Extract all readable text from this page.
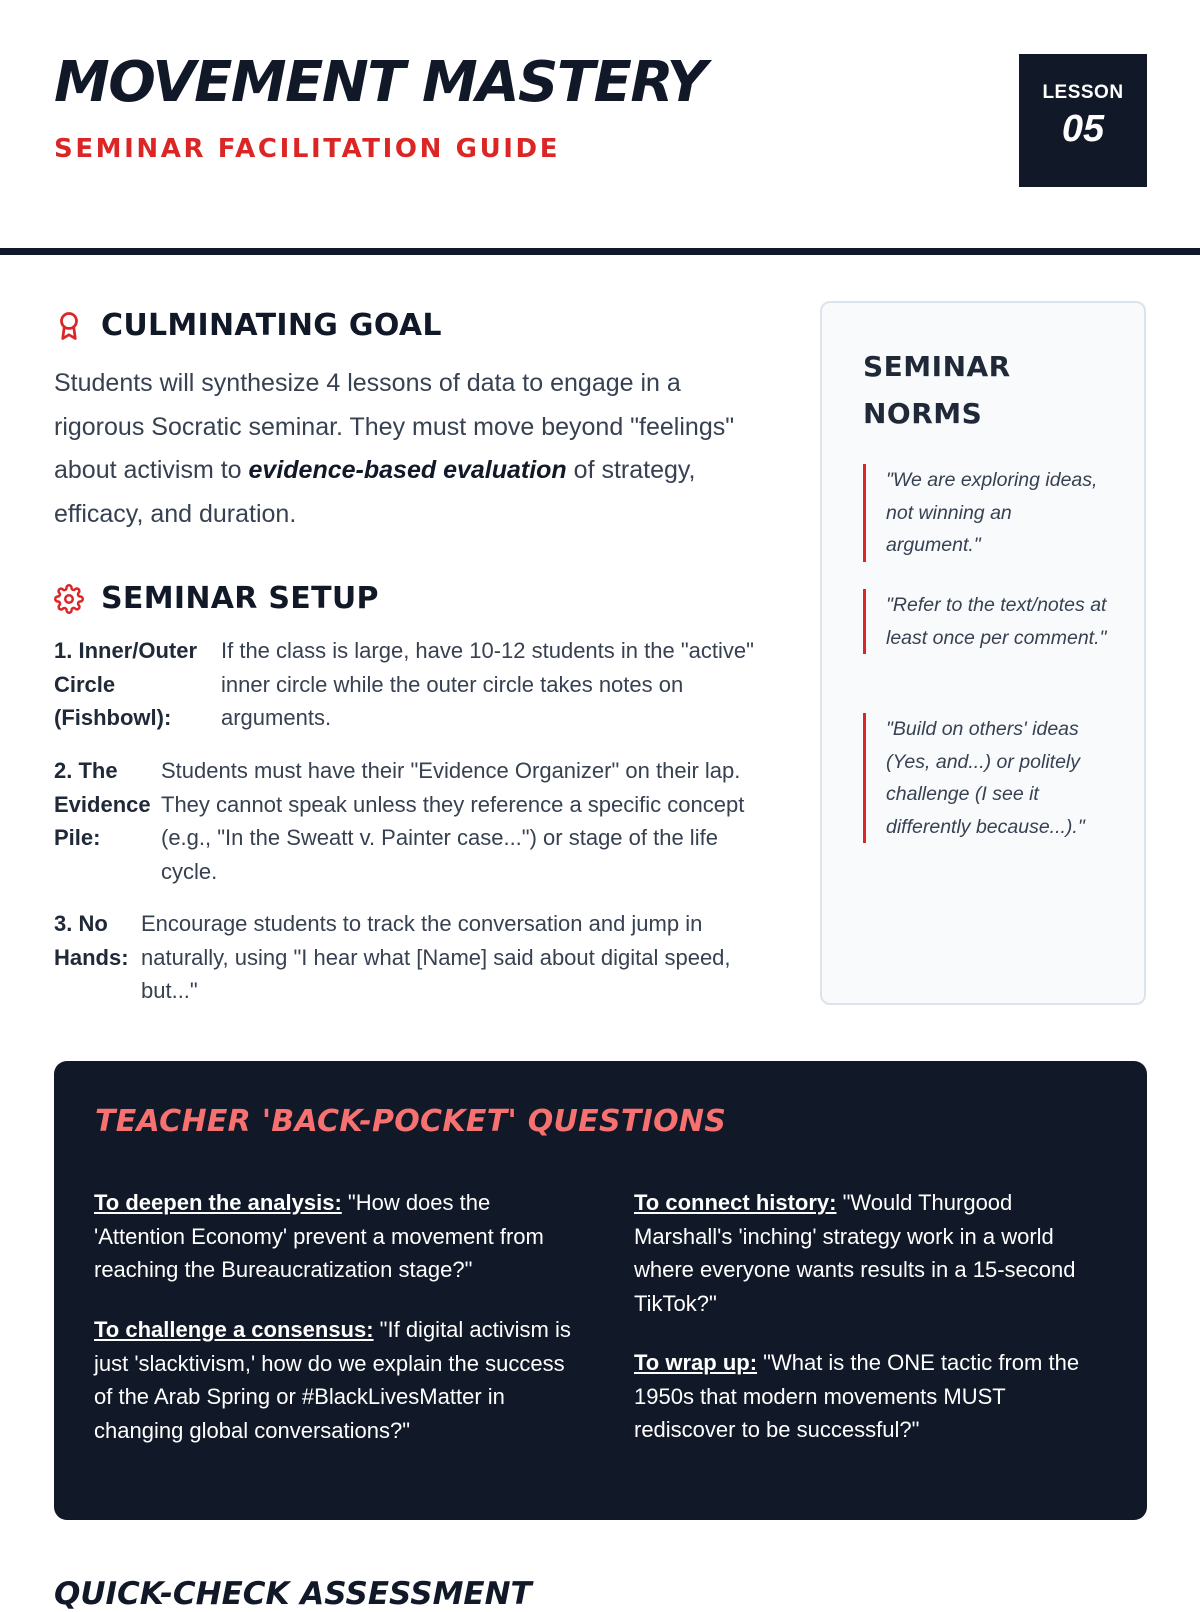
MOVEMENT MASTERY
SEMINAR FACILITATION GUIDE
LESSON
05
CULMINATING GOAL

Students will synthesize 4 lessons of data to engage in a rigorous Socratic seminar. They must move beyond "feelings" about activism to evidence-based evaluation of strategy, efficacy, and duration.

SEMINAR SETUP
1. Inner/Outer Circle (Fishbowl):
If the class is large, have 10-12 students in the "active" inner circle while the outer circle takes notes on arguments.
2. The Evidence Pile:
Students must have their "Evidence Organizer" on their lap. They cannot speak unless they reference a specific concept (e.g., "In the Sweatt v. Painter case...") or stage of the life cycle.
3. No Hands:
Encourage students to track the conversation and jump in naturally, using "I hear what [Name] said about digital speed, but..."
SEMINAR NORMS
"We are exploring ideas, not winning an argument."
"Refer to the text/notes at least once per comment."
"Build on others' ideas (Yes, and...) or politely challenge (I see it differently because...)."
TEACHER 'BACK-POCKET' QUESTIONS
To deepen the analysis: "How does the 'Attention Economy' prevent a movement from reaching the Bureaucratization stage?"
To connect history: "Would Thurgood Marshall's 'inching' strategy work in a world where everyone wants results in a 15-second TikTok?"
To challenge a consensus: "If digital activism is just 'slacktivism,' how do we explain the success of the Arab Spring or #BlackLivesMatter in changing global conversations?"
To wrap up: "What is the ONE tactic from the 1950s that modern movements MUST rediscover to be successful?"
QUICK-CHECK ASSESSMENT
